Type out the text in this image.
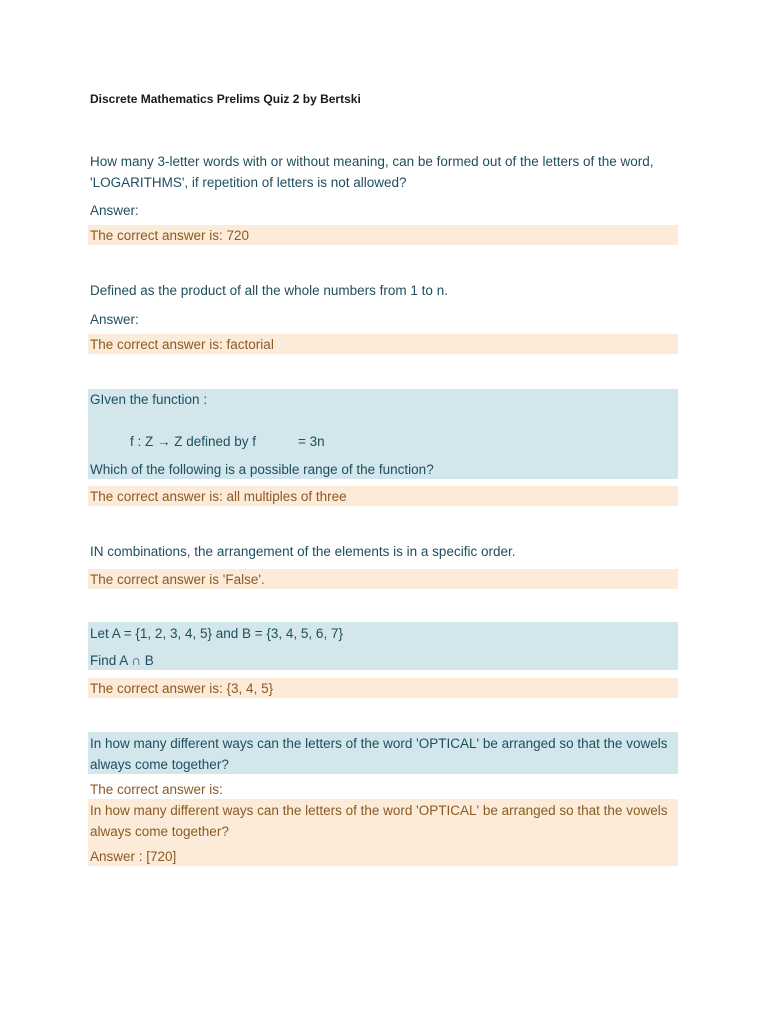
Discrete Mathematics Prelims Quiz 2 by Bertski
How many 3-letter words with or without meaning, can be formed out of the letters of the word, 'LOGARITHMS', if repetition of letters is not allowed?
Answer:
The correct answer is: 720
Defined as the product of all the whole numbers from 1 to n.
Answer:
The correct answer is: factorial
GIven the function :
f : Z → Z defined by f	= 3n
Which of the following is a possible range of the function?
The correct answer is: all multiples of three
IN combinations, the arrangement of the elements is in a specific order.
The correct answer is 'False'.
Let A = {1, 2, 3, 4, 5} and B = {3, 4, 5, 6, 7}
Find A ∩ B
The correct answer is: {3, 4, 5}
In how many different ways can the letters of the word 'OPTICAL' be arranged so that the vowels always come together?
The correct answer is:
In how many different ways can the letters of the word 'OPTICAL' be arranged so that the vowels always come together?
Answer : [720]
